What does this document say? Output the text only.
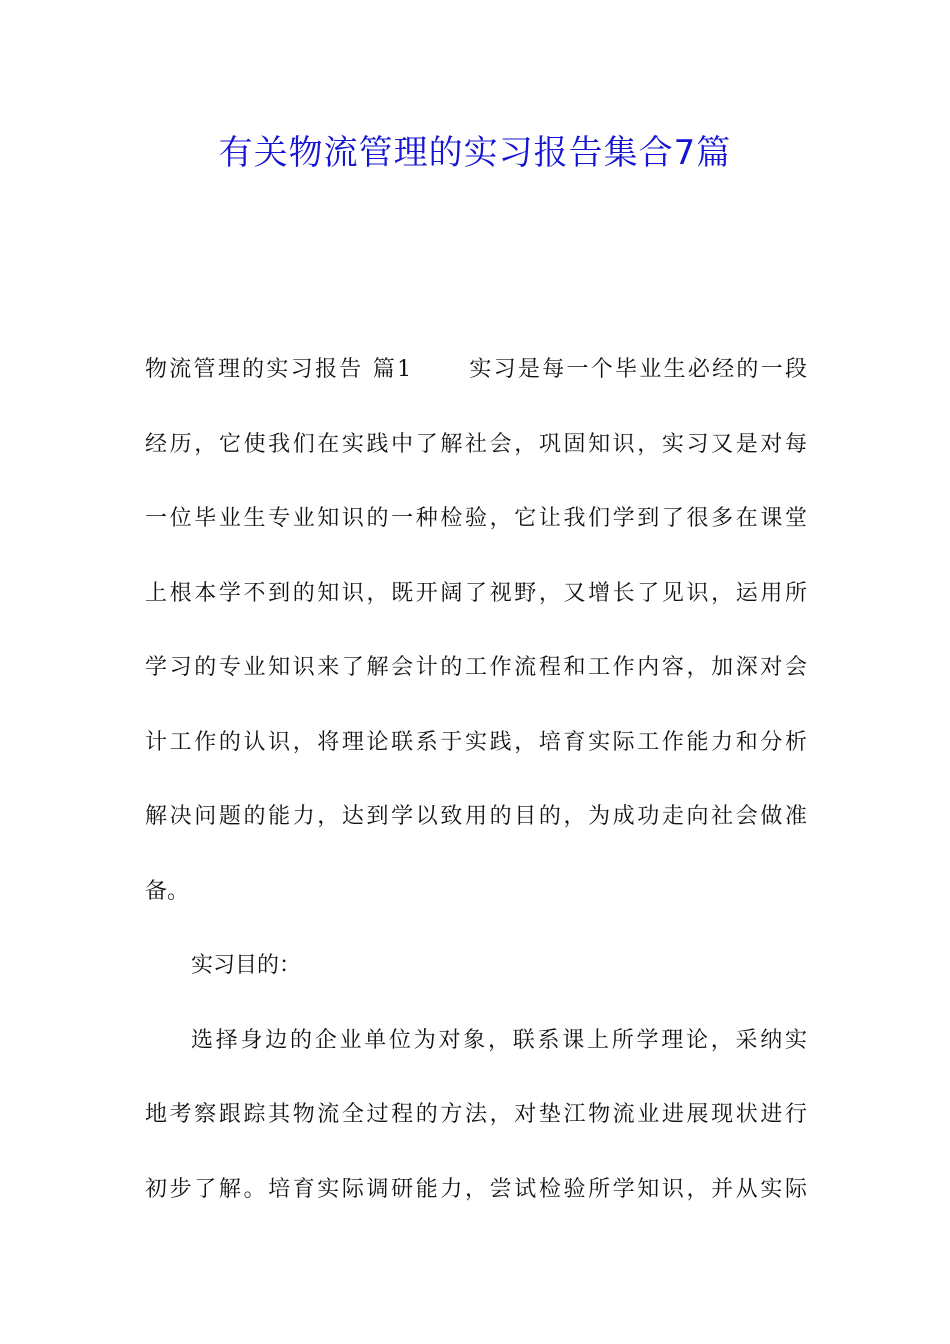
有关物流管理的实习报告集合7篇
物流管理的实习报告 篇1	实习是每一个毕业生必经的一段
经历，它使我们在实践中了解社会，巩固知识，实习又是对每
一位毕业生专业知识的一种检验，它让我们学到了很多在课堂
上根本学不到的知识，既开阔了视野，又增长了见识，运用所
学习的专业知识来了解会计的工作流程和工作内容，加深对会
计工作的认识，将理论联系于实践，培育实际工作能力和分析
解决问题的能力，达到学以致用的目的，为成功走向社会做准
备。
实习目的：
选择身边的企业单位为对象，联系课上所学理论，采纳实
地考察跟踪其物流全过程的方法，对垫江物流业进展现状进行
初步了解。培育实际调研能力，尝试检验所学知识，并从实际
